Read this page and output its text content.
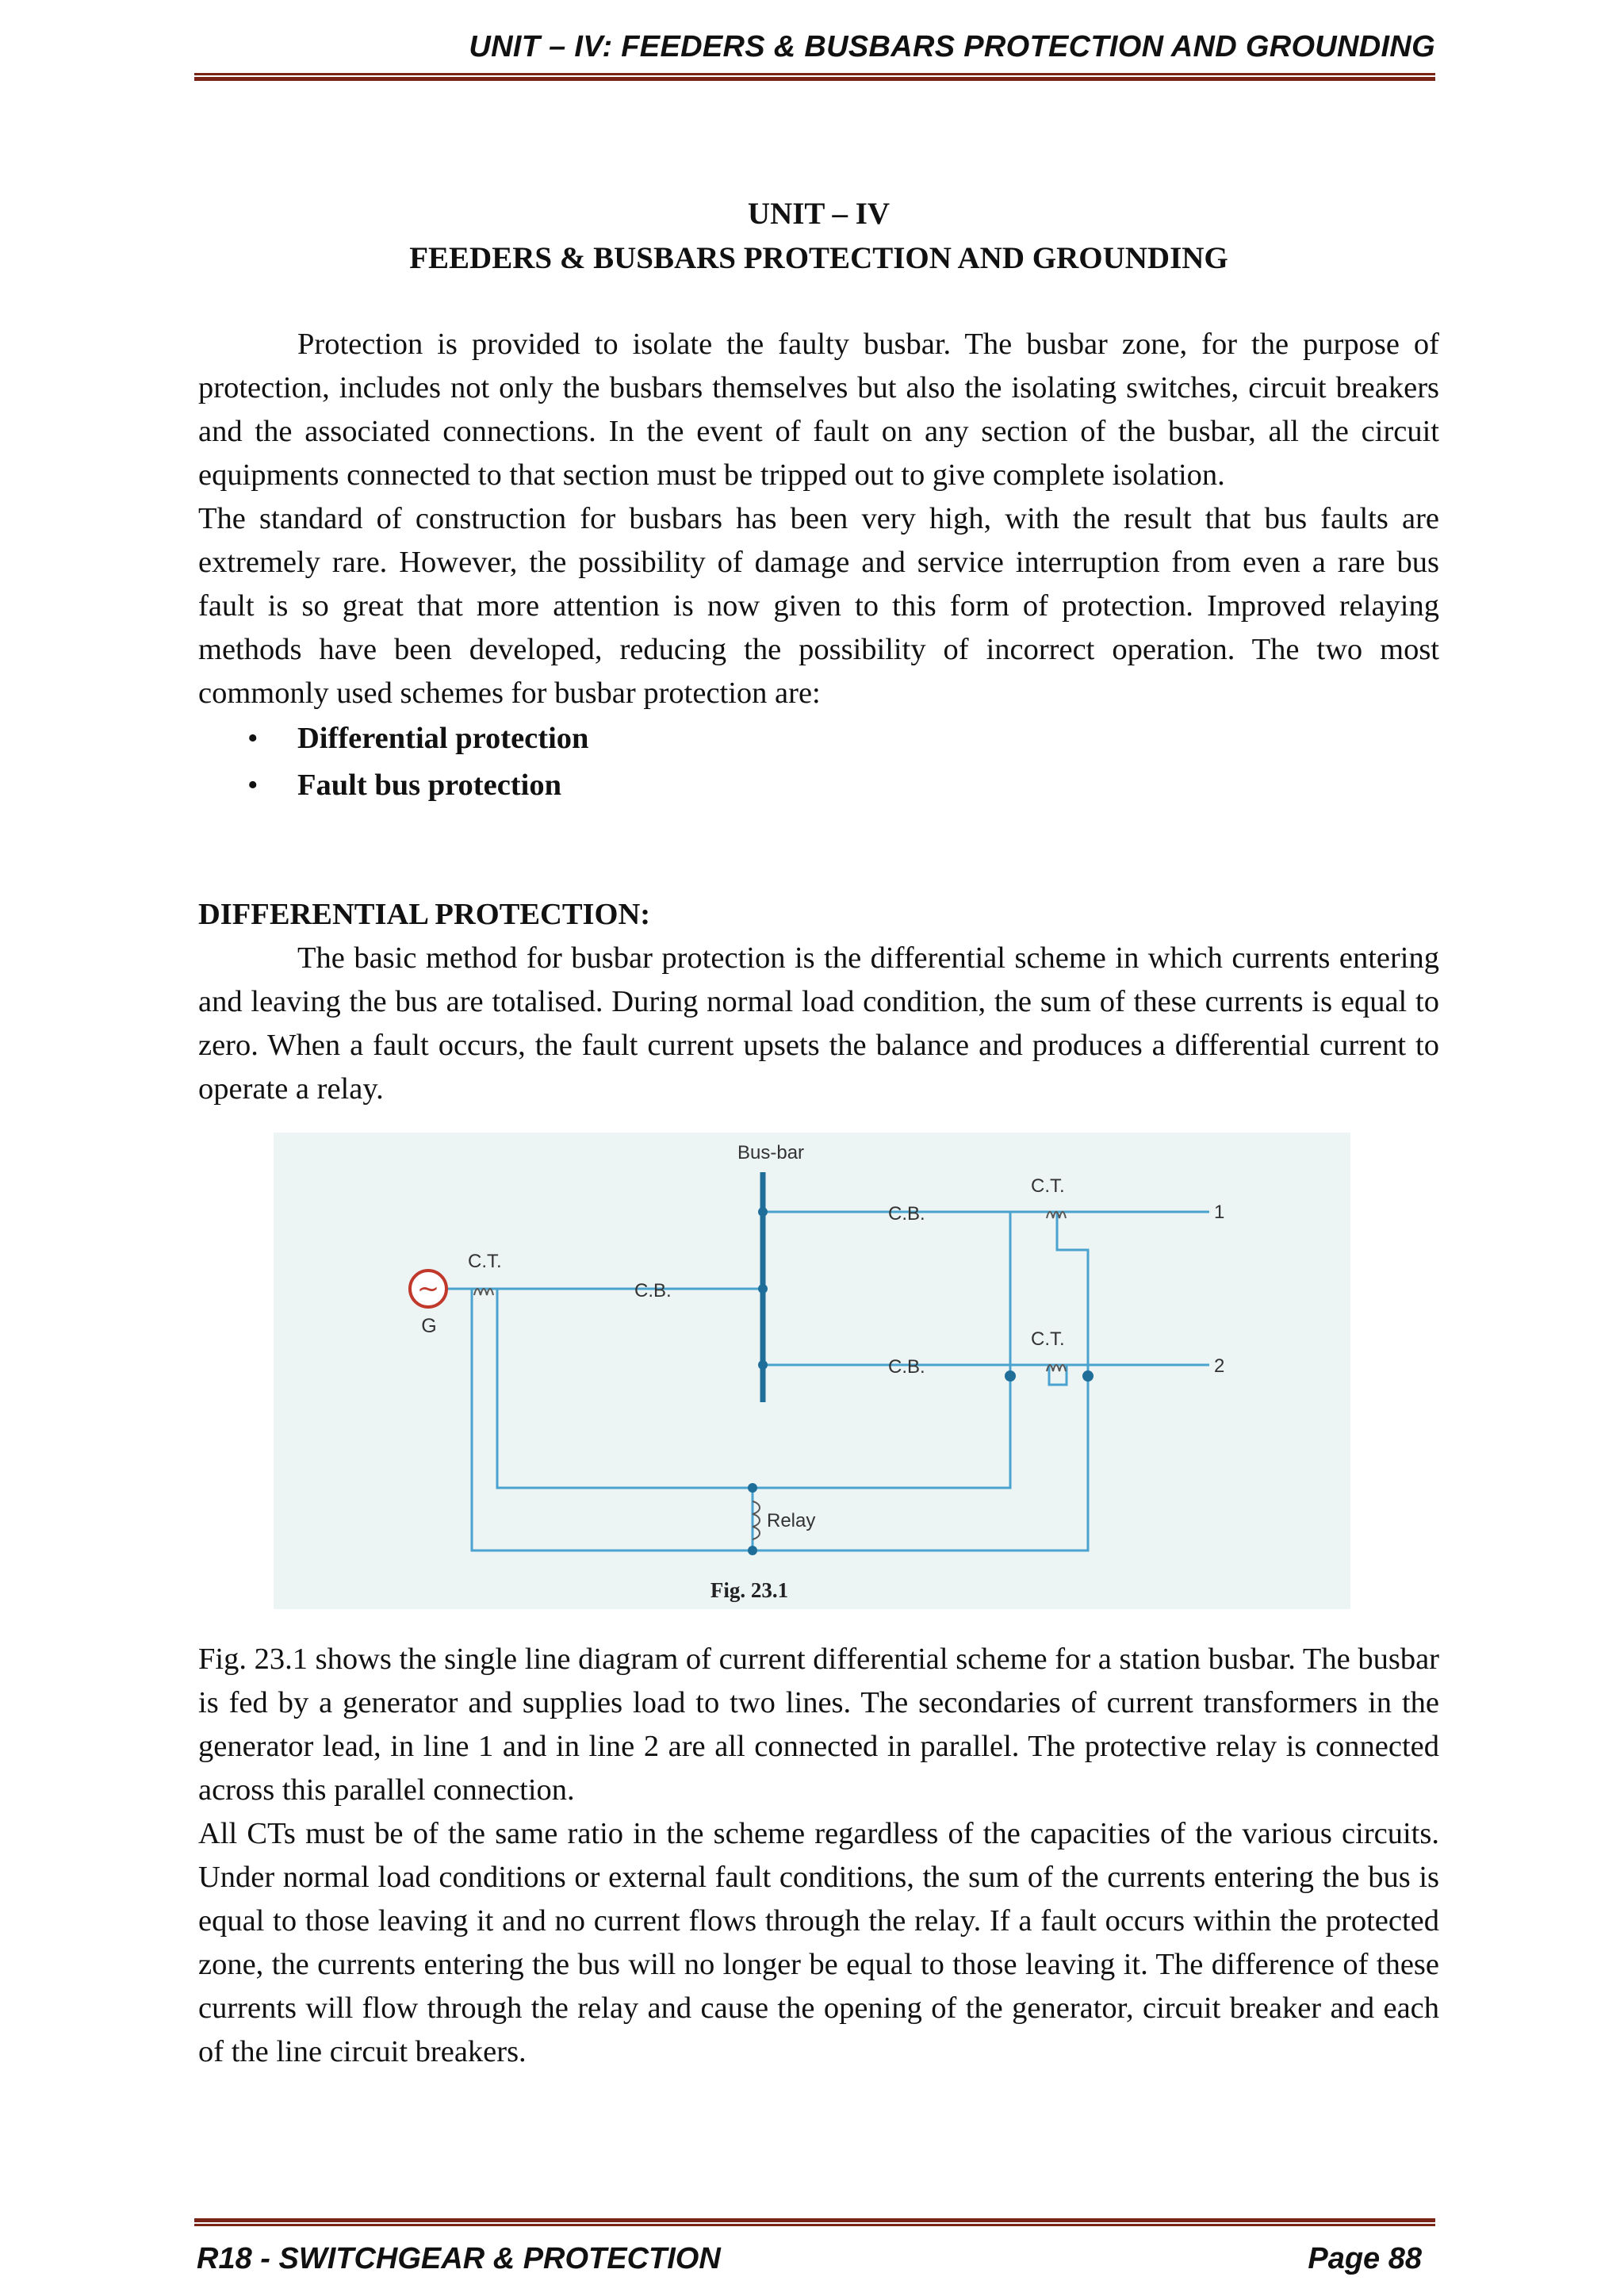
UNIT – IV: FEEDERS & BUSBARS PROTECTION AND GROUNDING
UNIT – IV
FEEDERS & BUSBARS PROTECTION AND GROUNDING

Protection is provided to isolate the faulty busbar. The busbar zone, for the purpose of protection, includes not only the busbars themselves but also the isolating switches, circuit breakers and the associated connections. In the event of fault on any section of the busbar, all the circuit equipments connected to that section must be tripped out to give complete isolation.

The standard of construction for busbars has been very high, with the result that bus faults are extremely rare. However, the possibility of damage and service interruption from even a rare bus fault is so great that more attention is now given to this form of protection. Improved relaying methods have been developed, reducing the possibility of incorrect operation. The two most commonly used schemes for busbar protection are:

• Differential protection
• Fault bus protection
DIFFERENTIAL PROTECTION:

The basic method for busbar protection is the differential scheme in which currents entering and leaving the bus are totalised. During normal load condition, the sum of these currents is equal to zero. When a fault occurs, the fault current upsets the balance and produces a differential current to operate a relay.

~
G
Bus-bar
C.T.
C.B.
C.T.
C.B.
C.T.
C.B.
1
2
Relay
Fig. 23.1

Fig. 23.1 shows the single line diagram of current differential scheme for a station busbar. The busbar is fed by a generator and supplies load to two lines. The secondaries of current transformers in the generator lead, in line 1 and in line 2 are all connected in parallel. The protective relay is connected across this parallel connection.

All CTs must be of the same ratio in the scheme regardless of the capacities of the various circuits. Under normal load conditions or external fault conditions, the sum of the currents entering the bus is equal to those leaving it and no current flows through the relay. If a fault occurs within the protected zone, the currents entering the bus will no longer be equal to those leaving it. The difference of these currents will flow through the relay and cause the opening of the generator, circuit breaker and each of the line circuit breakers.

R18 - SWITCHGEAR & PROTECTION	Page 88
